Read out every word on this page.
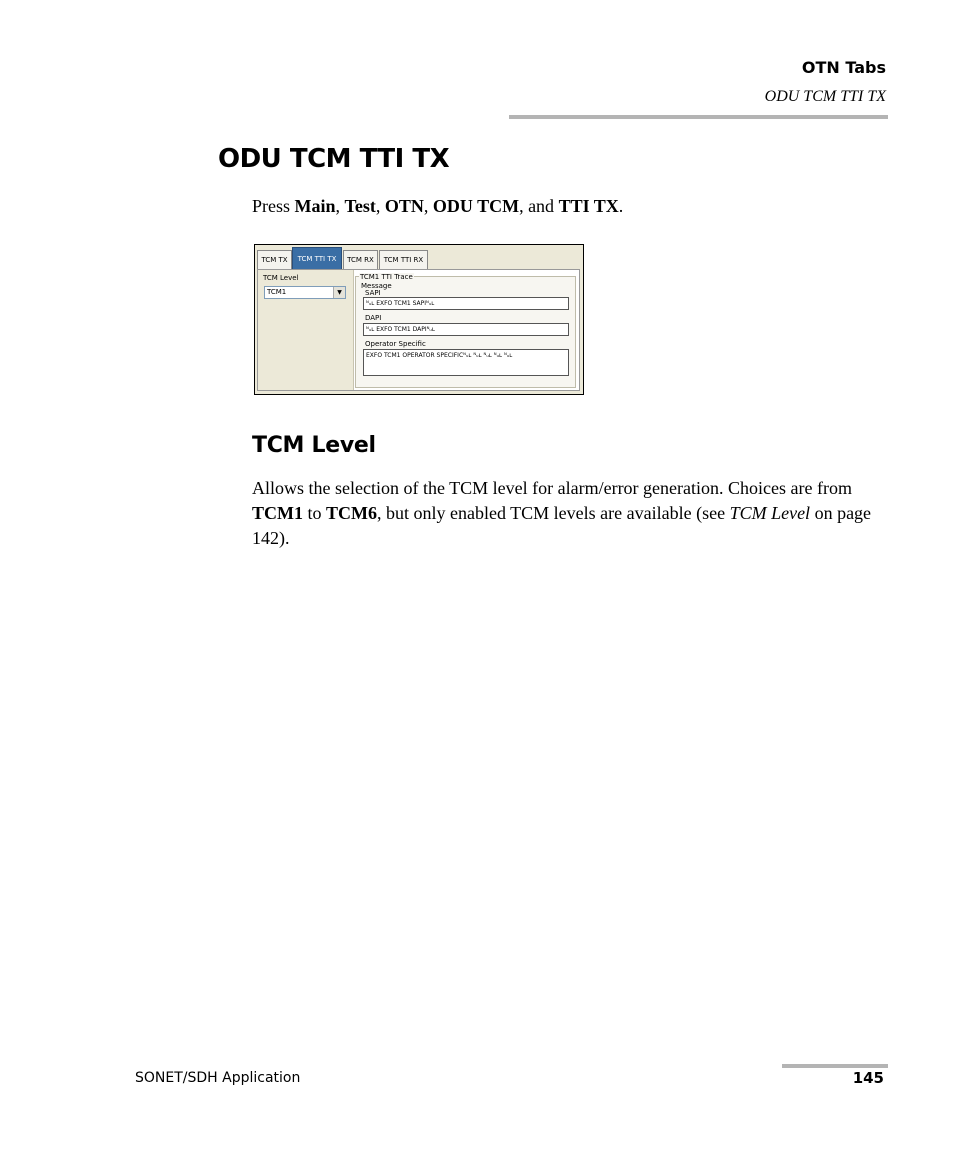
OTN Tabs
ODU TCM TTI TX
ODU TCM TTI TX

Press Main, Test, OTN, ODU TCM, and TTI TX.

TCM TX	TCM TTI TX	TCM RX	TCM TTI RX
TCM Level
TCM1	▼
TCM1 TTI Trace
Message
SAPI
ᴺᵤʟ EXFO TCM1 SAPIᴺᵤʟ
DAPI
ᴺᵤʟ EXFO TCM1 DAPIᴺᵤʟ
Operator Specific
EXFO TCM1 OPERATOR SPECIFICᴺᵤʟ ᴺᵤʟ ᴺᵤʟ ᴺᵤʟ ᴺᵤʟ
TCM Level

Allows the selection of the TCM level for alarm/error generation. Choices are from TCM1 to TCM6, but only enabled TCM levels are available (see TCM Level on page 142).

SONET/SDH Application	145
